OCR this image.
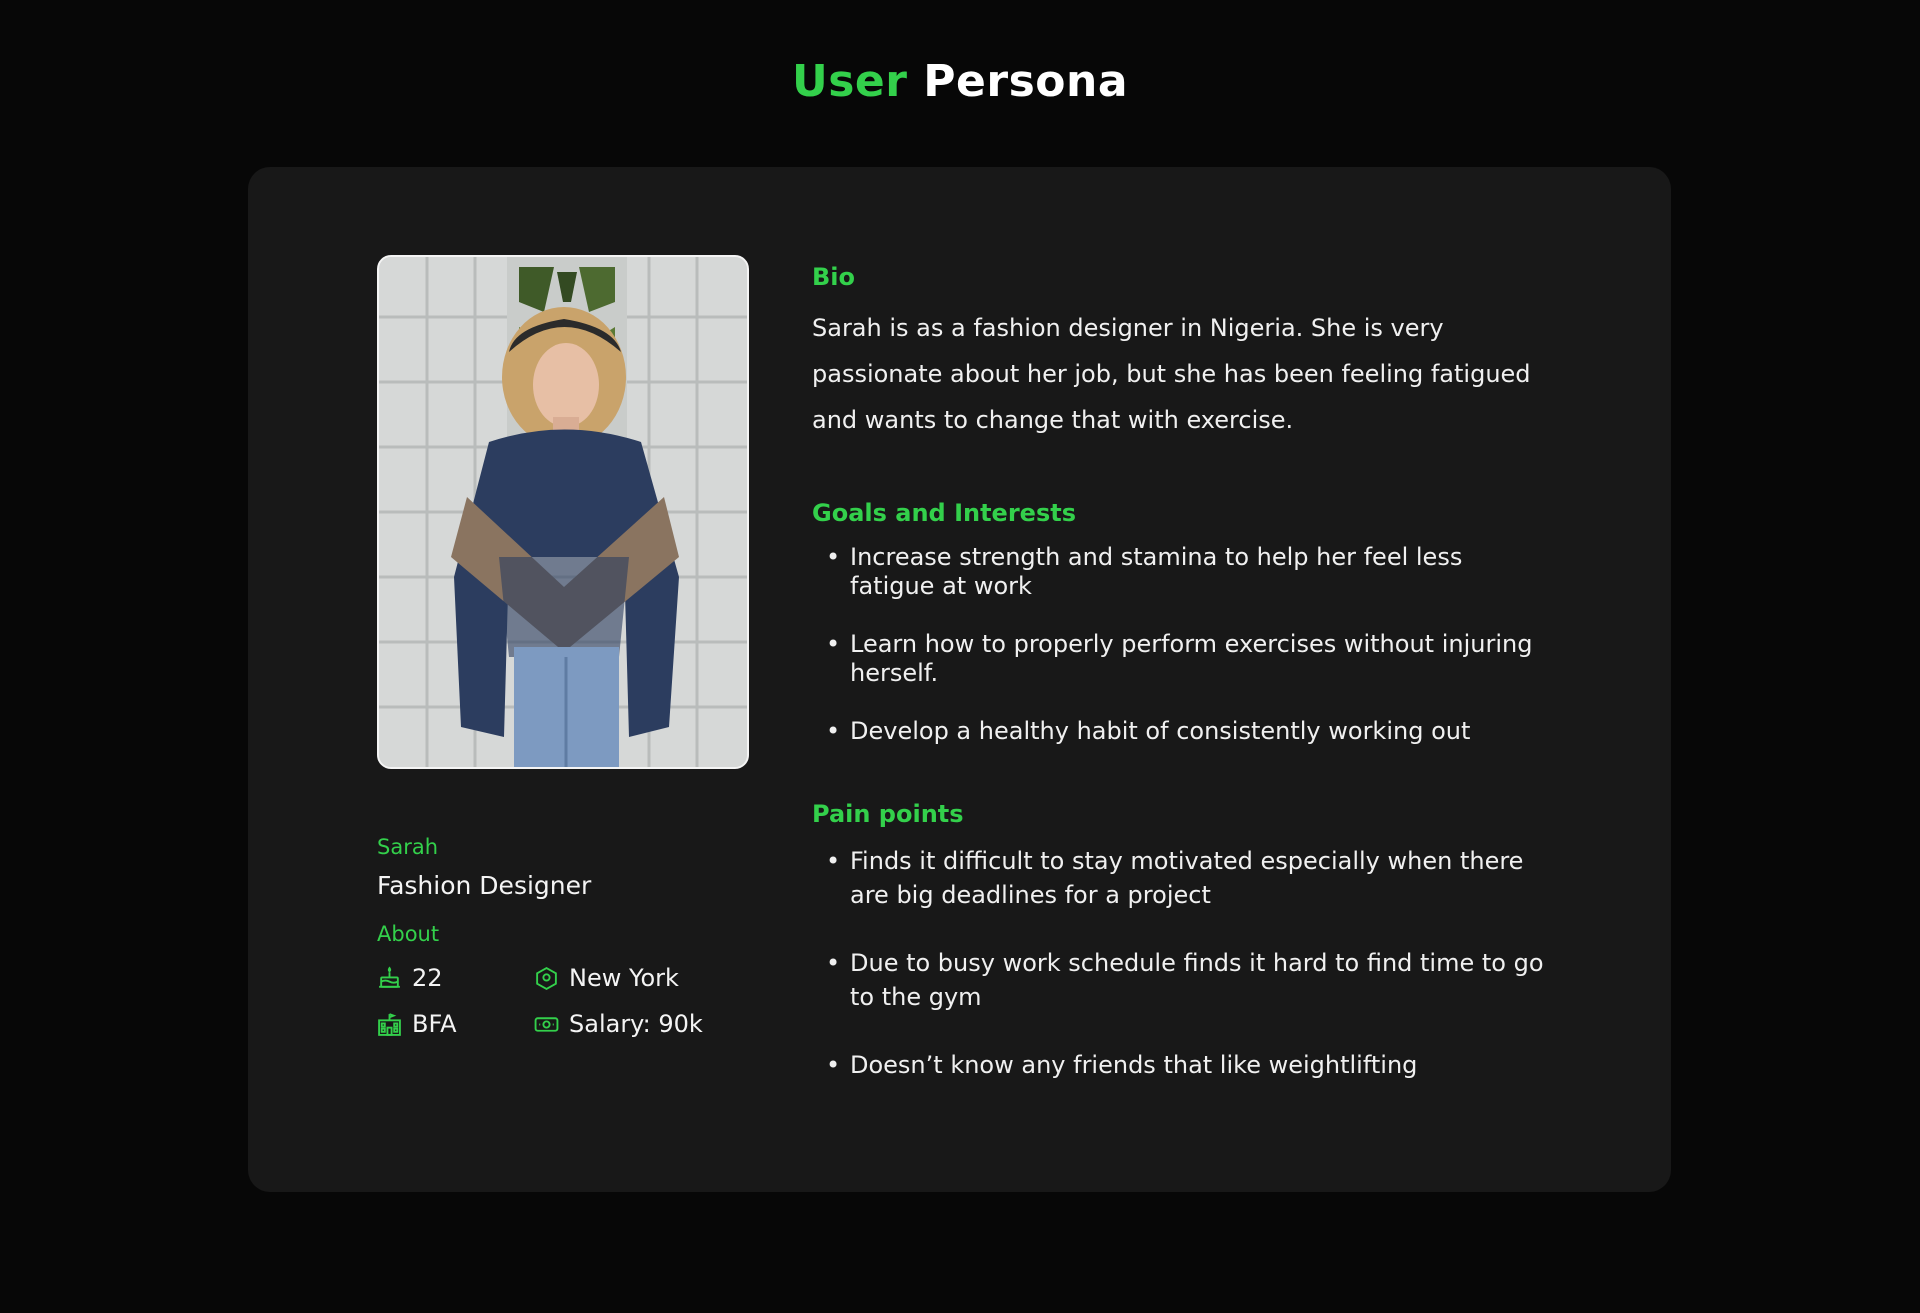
User Persona
Sarah
Fashion Designer
About
22	New York
BFA	Salary: 90k
Bio

Sarah is as a fashion designer in Nigeria. She is very passionate about her job, but she has been feeling fatigued and wants to change that with exercise.

Goals and Interests
• Increase strength and stamina to help her feel less fatigue at work
• Learn how to properly perform exercises without injuring herself.
• Develop a healthy habit of consistently working out
Pain points
• Finds it difficult to stay motivated especially when there are big deadlines for a project
• Due to busy work schedule finds it hard to find time to go to the gym
• Doesn’t know any friends that like weightlifting
